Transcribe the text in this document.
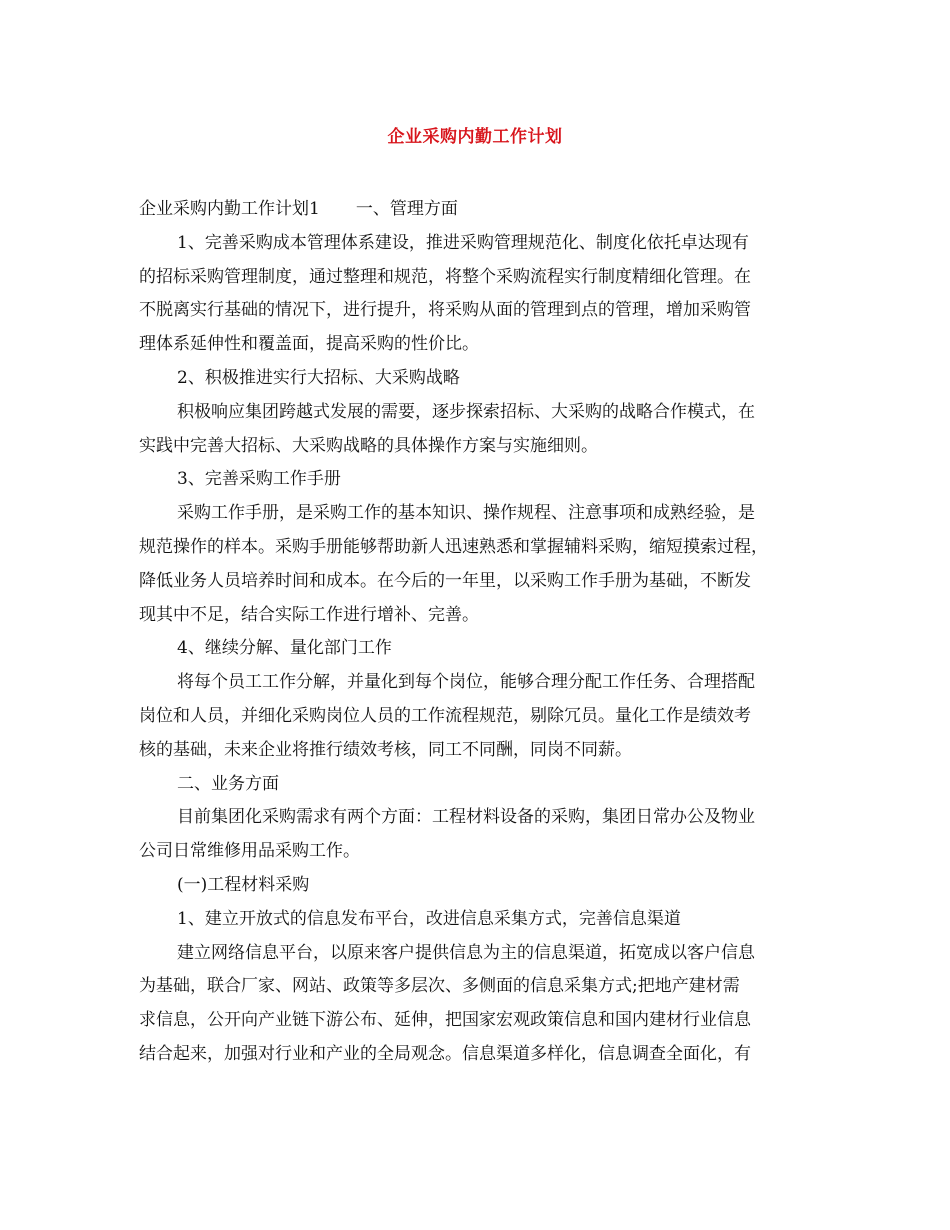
企业采购内勤工作计划

企业采购内勤工作计划1 一、管理方面

1、完善采购成本管理体系建设，推进采购管理规范化、制度化依托卓达现有

的招标采购管理制度，通过整理和规范，将整个采购流程实行制度精细化管理。在

不脱离实行基础的情况下，进行提升，将采购从面的管理到点的管理，增加采购管

理体系延伸性和覆盖面，提高采购的性价比。

2、积极推进实行大招标、大采购战略

积极响应集团跨越式发展的需要，逐步探索招标、大采购的战略合作模式，在

实践中完善大招标、大采购战略的具体操作方案与实施细则。

3、完善采购工作手册

采购工作手册，是采购工作的基本知识、操作规程、注意事项和成熟经验，是

规范操作的样本。采购手册能够帮助新人迅速熟悉和掌握辅料采购，缩短摸索过程，

降低业务人员培养时间和成本。在今后的一年里，以采购工作手册为基础，不断发

现其中不足，结合实际工作进行增补、完善。

4、继续分解、量化部门工作

将每个员工工作分解，并量化到每个岗位，能够合理分配工作任务、合理搭配

岗位和人员，并细化采购岗位人员的工作流程规范，剔除冗员。量化工作是绩效考

核的基础，未来企业将推行绩效考核，同工不同酬，同岗不同薪。

二、业务方面

目前集团化采购需求有两个方面：工程材料设备的采购，集团日常办公及物业

公司日常维修用品采购工作。

(一)工程材料采购

1、建立开放式的信息发布平台，改进信息采集方式，完善信息渠道

建立网络信息平台，以原来客户提供信息为主的信息渠道，拓宽成以客户信息

为基础，联合厂家、网站、政策等多层次、多侧面的信息采集方式;把地产建材需

求信息，公开向产业链下游公布、延伸，把国家宏观政策信息和国内建材行业信息

结合起来，加强对行业和产业的全局观念。信息渠道多样化，信息调查全面化，有
